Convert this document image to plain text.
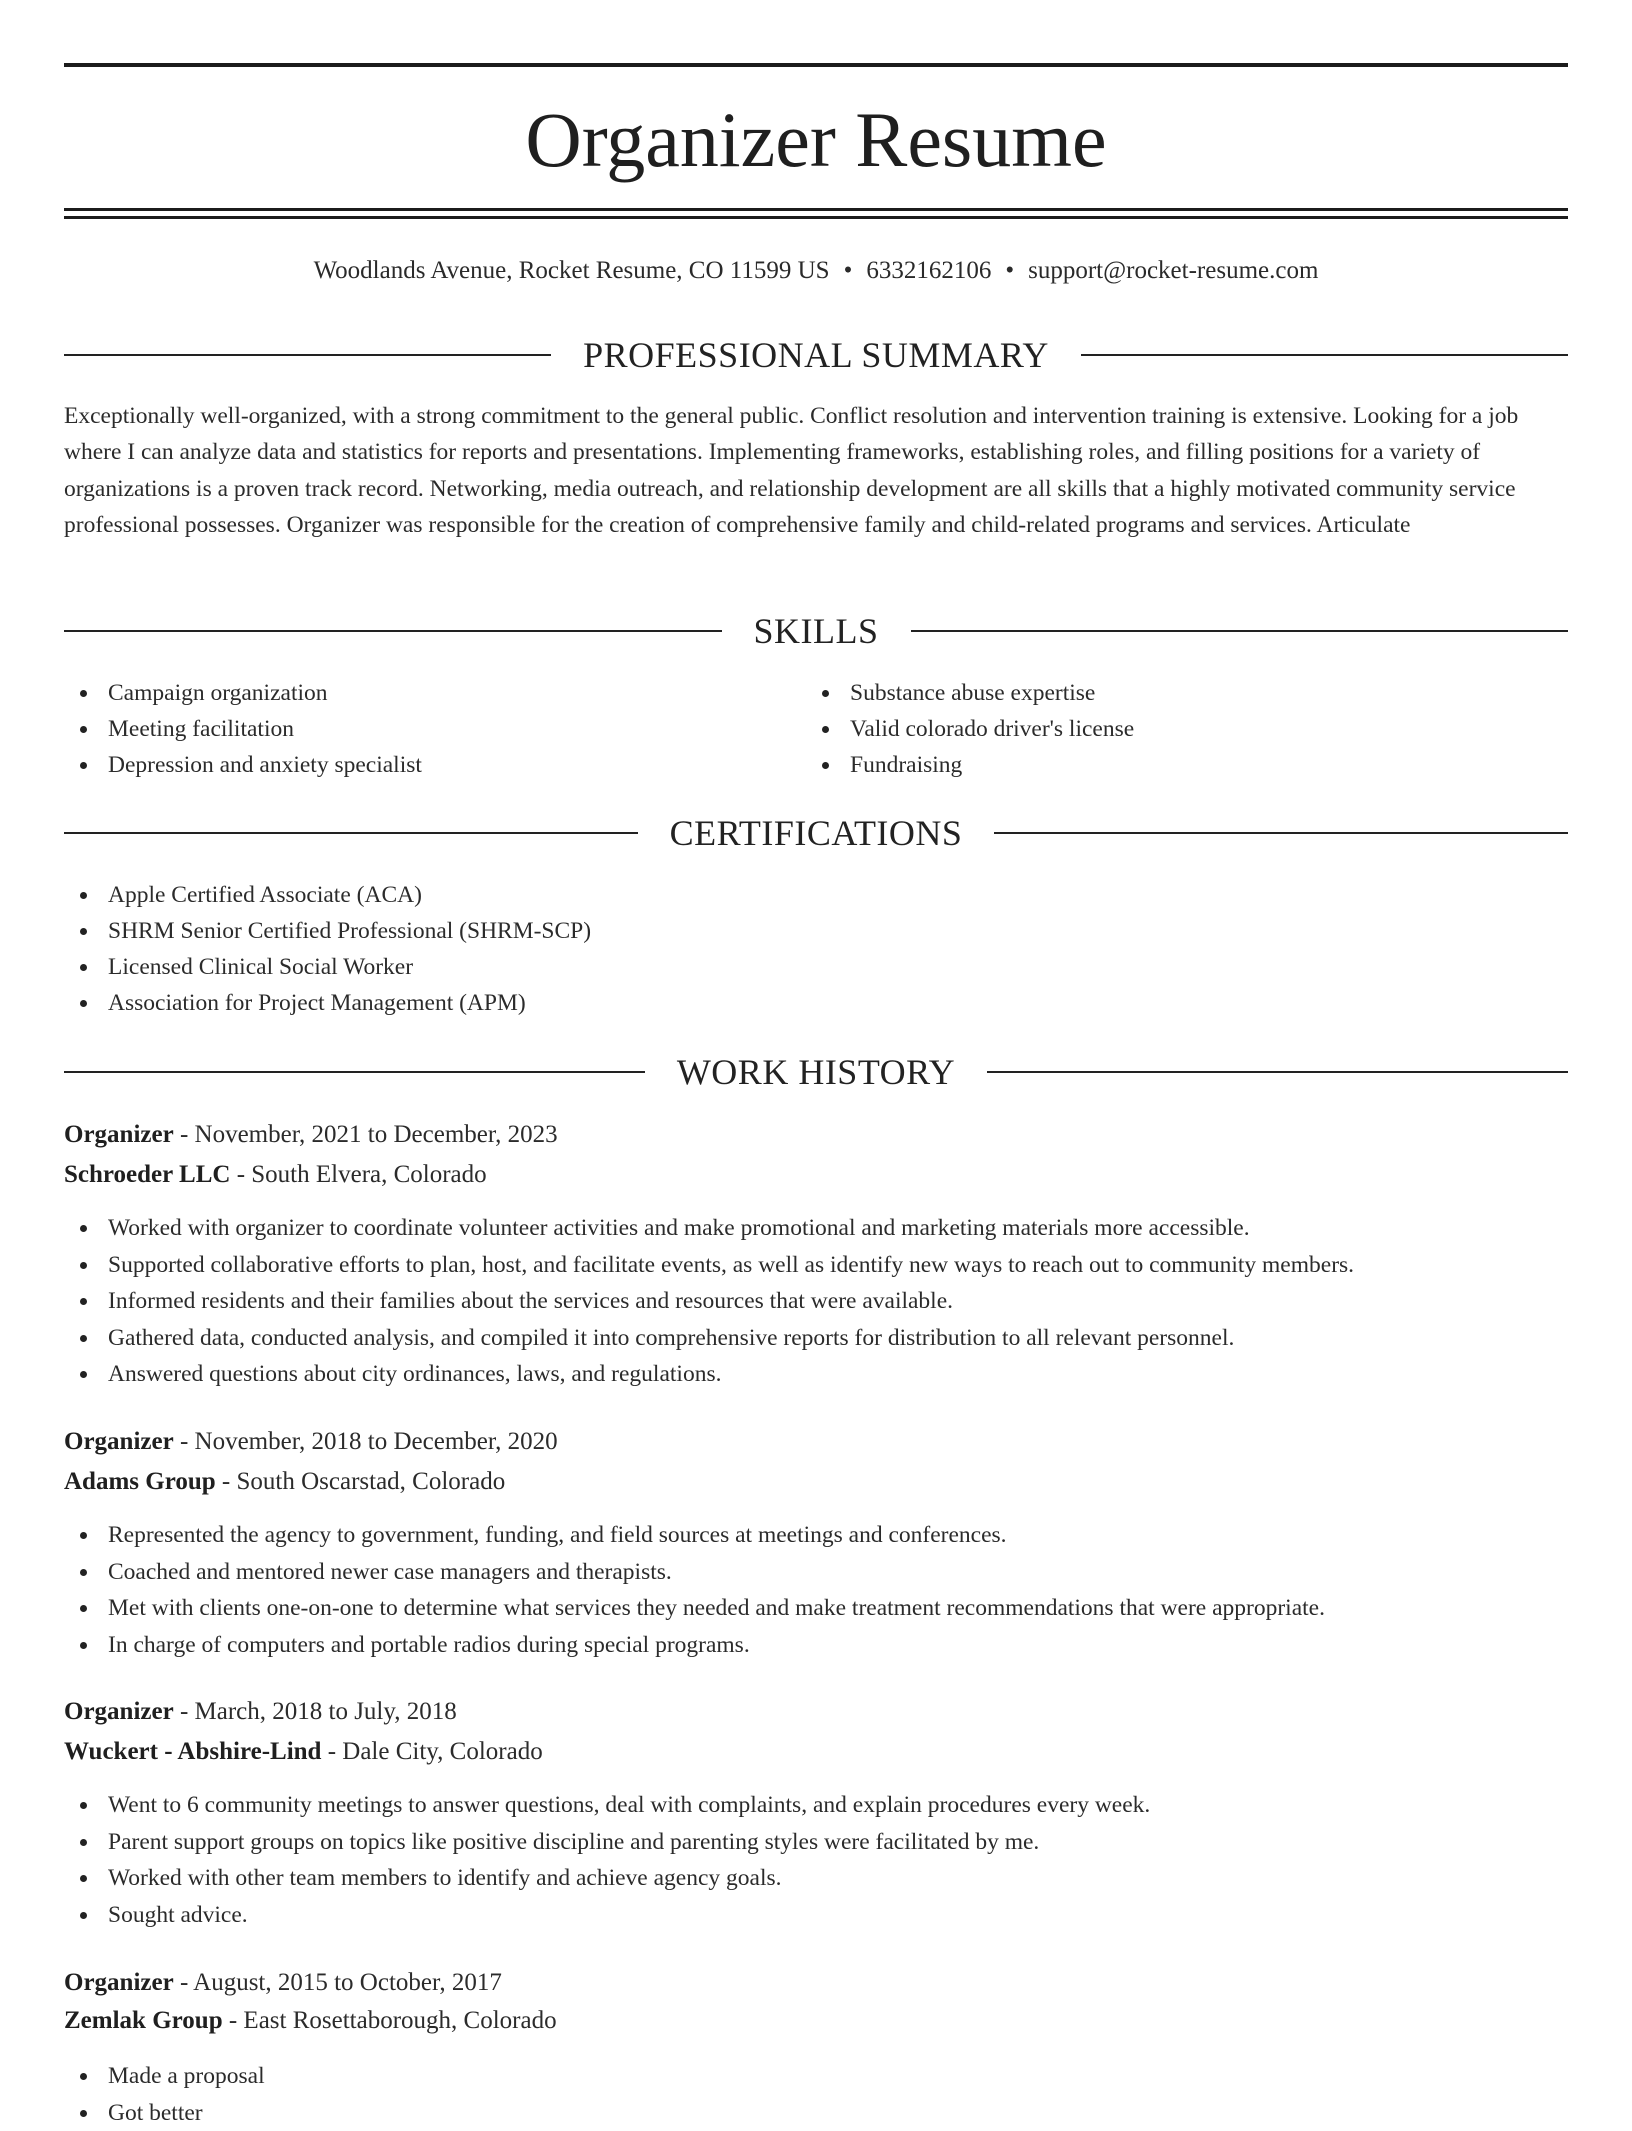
Organizer Resume
Woodlands Avenue, Rocket Resume, CO 11599 US • 6332162106 • support@rocket-resume.com
PROFESSIONAL SUMMARY

Exceptionally well-organized, with a strong commitment to the general public. Conflict resolution and intervention training is extensive. Looking for a job where I can analyze data and statistics for reports and presentations. Implementing frameworks, establishing roles, and filling positions for a variety of organizations is a proven track record. Networking, media outreach, and relationship development are all skills that a highly motivated community service professional possesses. Organizer was responsible for the creation of comprehensive family and child-related programs and services. Articulate

SKILLS
Campaign organization
Meeting facilitation
Depression and anxiety specialist
Substance abuse expertise
Valid colorado driver's license
Fundraising
CERTIFICATIONS
Apple Certified Associate (ACA)
SHRM Senior Certified Professional (SHRM-SCP)
Licensed Clinical Social Worker
Association for Project Management (APM)
WORK HISTORY
Organizer - November, 2021 to December, 2023
Schroeder LLC - South Elvera, Colorado
Worked with organizer to coordinate volunteer activities and make promotional and marketing materials more accessible.
Supported collaborative efforts to plan, host, and facilitate events, as well as identify new ways to reach out to community members.
Informed residents and their families about the services and resources that were available.
Gathered data, conducted analysis, and compiled it into comprehensive reports for distribution to all relevant personnel.
Answered questions about city ordinances, laws, and regulations.
Organizer - November, 2018 to December, 2020
Adams Group - South Oscarstad, Colorado
Represented the agency to government, funding, and field sources at meetings and conferences.
Coached and mentored newer case managers and therapists.
Met with clients one-on-one to determine what services they needed and make treatment recommendations that were appropriate.
In charge of computers and portable radios during special programs.
Organizer - March, 2018 to July, 2018
Wuckert - Abshire-Lind - Dale City, Colorado
Went to 6 community meetings to answer questions, deal with complaints, and explain procedures every week.
Parent support groups on topics like positive discipline and parenting styles were facilitated by me.
Worked with other team members to identify and achieve agency goals.
Sought advice.
Organizer - August, 2015 to October, 2017
Zemlak Group - East Rosettaborough, Colorado
Made a proposal
Got better
